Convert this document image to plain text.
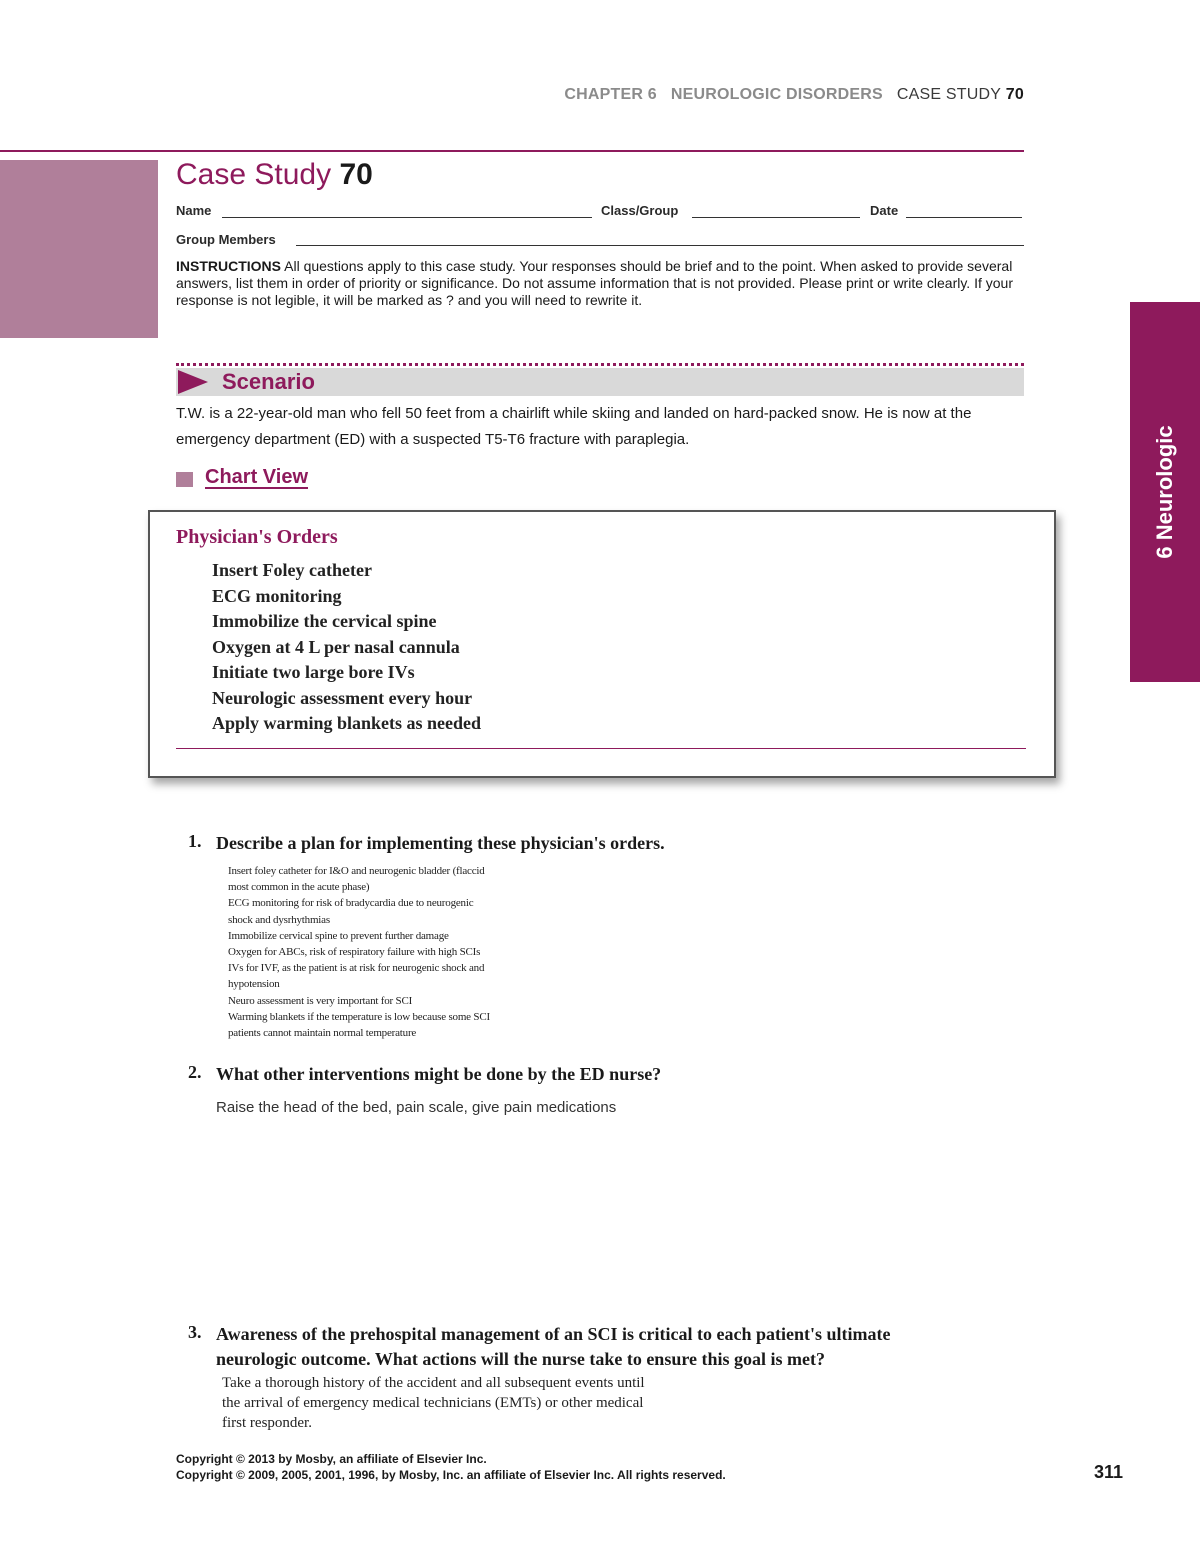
CHAPTER 6 NEUROLOGIC DISORDERS CASE STUDY 70
6 Neurologic
Case Study 70
Name	Class/Group	Date
Group Members
INSTRUCTIONS All questions apply to this case study. Your responses should be brief and to the point. When asked to provide several answers, list them in order of priority or significance. Do not assume information that is not provided. Please print or write clearly. If your response is not legible, it will be marked as ? and you will need to rewrite it.
Scenario
T.W. is a 22-year-old man who fell 50 feet from a chairlift while skiing and landed on hard-packed snow. He is now at the emergency department (ED) with a suspected T5-T6 fracture with paraplegia.
Chart View
Physician's Orders
Insert Foley catheter
ECG monitoring
Immobilize the cervical spine
Oxygen at 4 L per nasal cannula
Initiate two large bore IVs
Neurologic assessment every hour
Apply warming blankets as needed
1. Describe a plan for implementing these physician's orders.
Insert foley catheter for I&O and neurogenic bladder (flaccid
most common in the acute phase)
ECG monitoring for risk of bradycardia due to neurogenic
shock and dysrhythmias
Immobilize cervical spine to prevent further damage
Oxygen for ABCs, risk of respiratory failure with high SCIs
IVs for IVF, as the patient is at risk for neurogenic shock and
hypotension
Neuro assessment is very important for SCI
Warming blankets if the temperature is low because some SCI
patients cannot maintain normal temperature
2. What other interventions might be done by the ED nurse?
Raise the head of the bed, pain scale, give pain medications
3. Awareness of the prehospital management of an SCI is critical to each patient's ultimate
neurologic outcome. What actions will the nurse take to ensure this goal is met?
Take a thorough history of the accident and all subsequent events until
the arrival of emergency medical technicians (EMTs) or other medical
first responder.
Copyright © 2013 by Mosby, an affiliate of Elsevier Inc.
Copyright © 2009, 2005, 2001, 1996, by Mosby, Inc. an affiliate of Elsevier Inc. All rights reserved.	311
